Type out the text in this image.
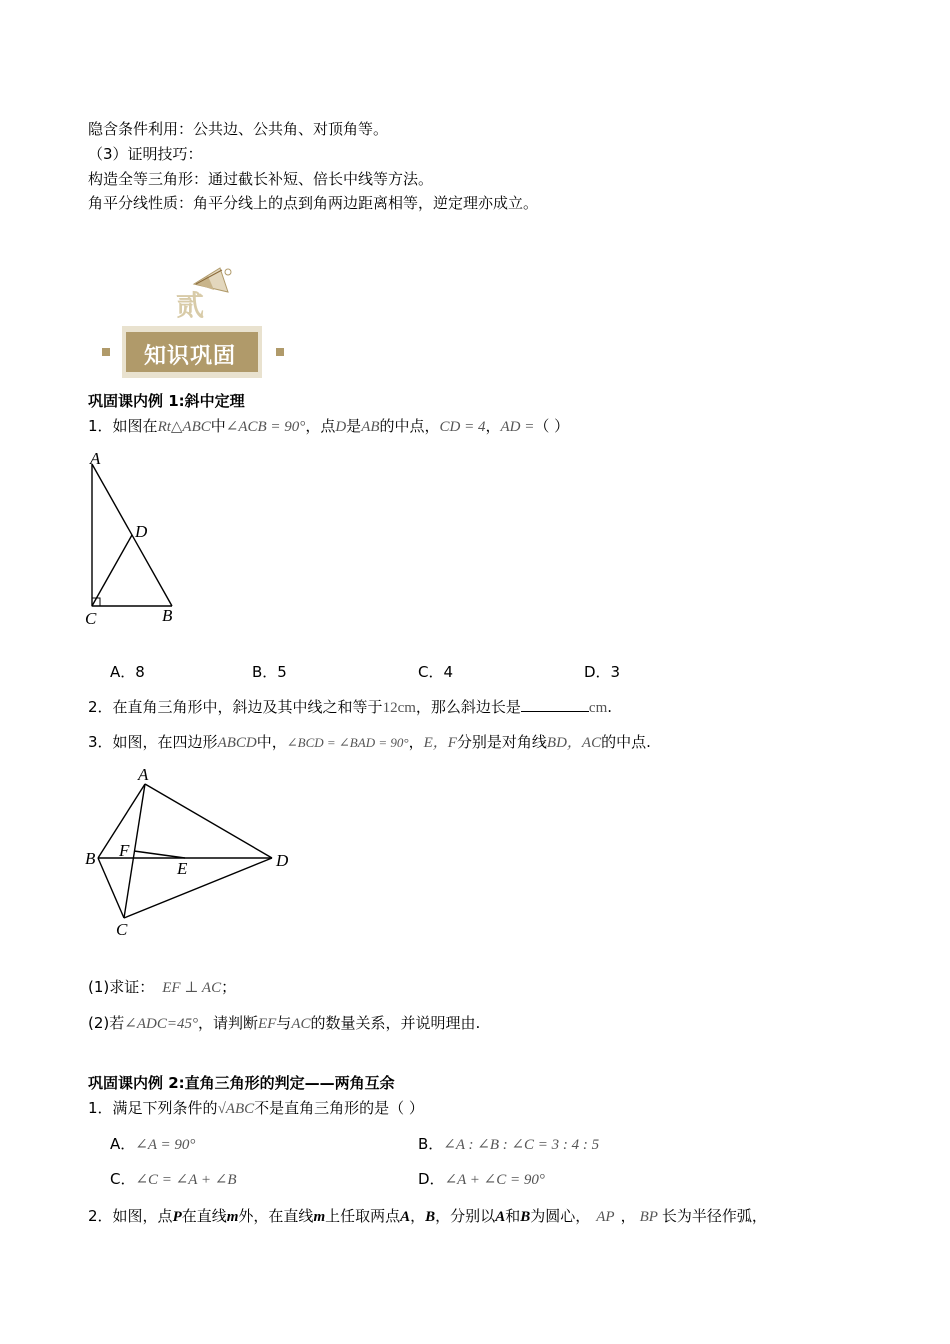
隐含条件利用：公共边、公共角、对顶角等。
（3）证明技巧：
构造全等三角形：通过截长补短、倍长中线等方法。
角平分线性质：角平分线上的点到角两边距离相等，逆定理亦成立。
贰
知识巩固
巩固课内例 1:斜中定理
1．如图在Rt△ABC中∠ACB = 90°，点D是AB的中点，CD = 4，AD =（ ）
A
D
C	B
A．8	B．5	C．4	D．3
2．在直角三角形中，斜边及其中线之和等于12cm，那么斜边长是	cm.
3．如图，在四边形ABCD中，∠BCD = ∠BAD = 90°，E，F分别是对角线BD，AC的中点.
A
B F
E	D
C
(1)求证： EF ⊥ AC；
(2)若∠ADC=45°，请判断EF与AC的数量关系，并说明理由.
巩固课内例 2:直角三角形的判定——两角互余
1．满足下列条件的√ABC不是直角三角形的是（ ）
A．∠A = 90°	B．∠A : ∠B : ∠C = 3 : 4 : 5
C．∠C = ∠A + ∠B	D．∠A + ∠C = 90°
2．如图，点P在直线m外，在直线m上任取两点A，B，分别以A和B为圆心， AP ， BP 长为半径作弧，
